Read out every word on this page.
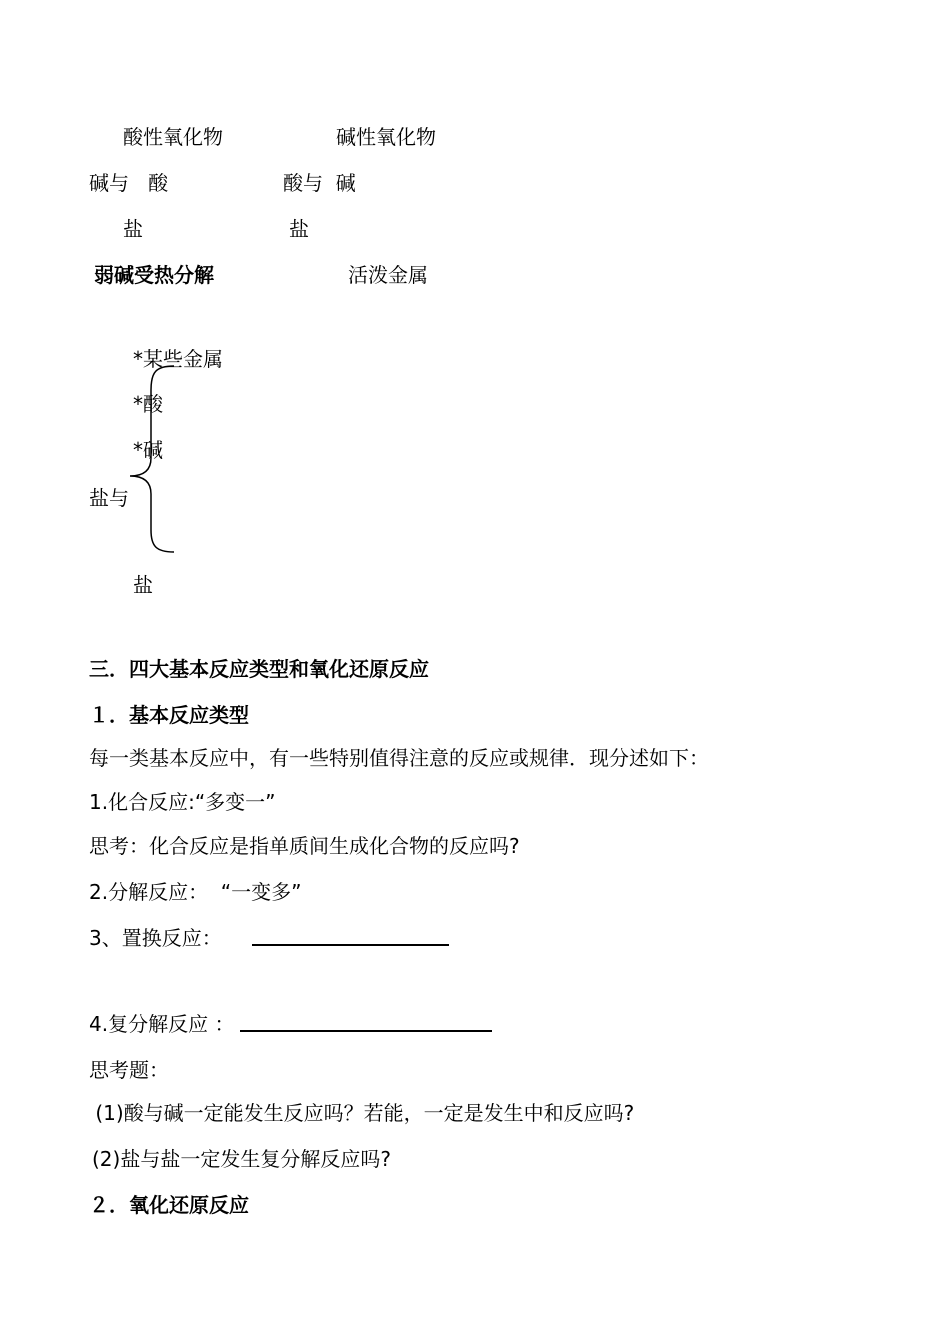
酸性氧化物	碱性氧化物
碱与   酸	酸与  碱
盐	盐
弱碱受热分解	活泼金属
*某些金属
*酸
*碱
盐与
盐
三．四大基本反应类型和氧化还原反应
１．基本反应类型
每一类基本反应中，有一些特别值得注意的反应或规律．现分述如下：
1.化合反应:“多变一”
思考：化合反应是指单质间生成化合物的反应吗?
2.分解反应：  “一变多”
3、置换反应：
4.复分解反应 ：
思考题：
(1)酸与碱一定能发生反应吗？若能，一定是发生中和反应吗?
(2)盐与盐一定发生复分解反应吗?
２．氧化还原反应
